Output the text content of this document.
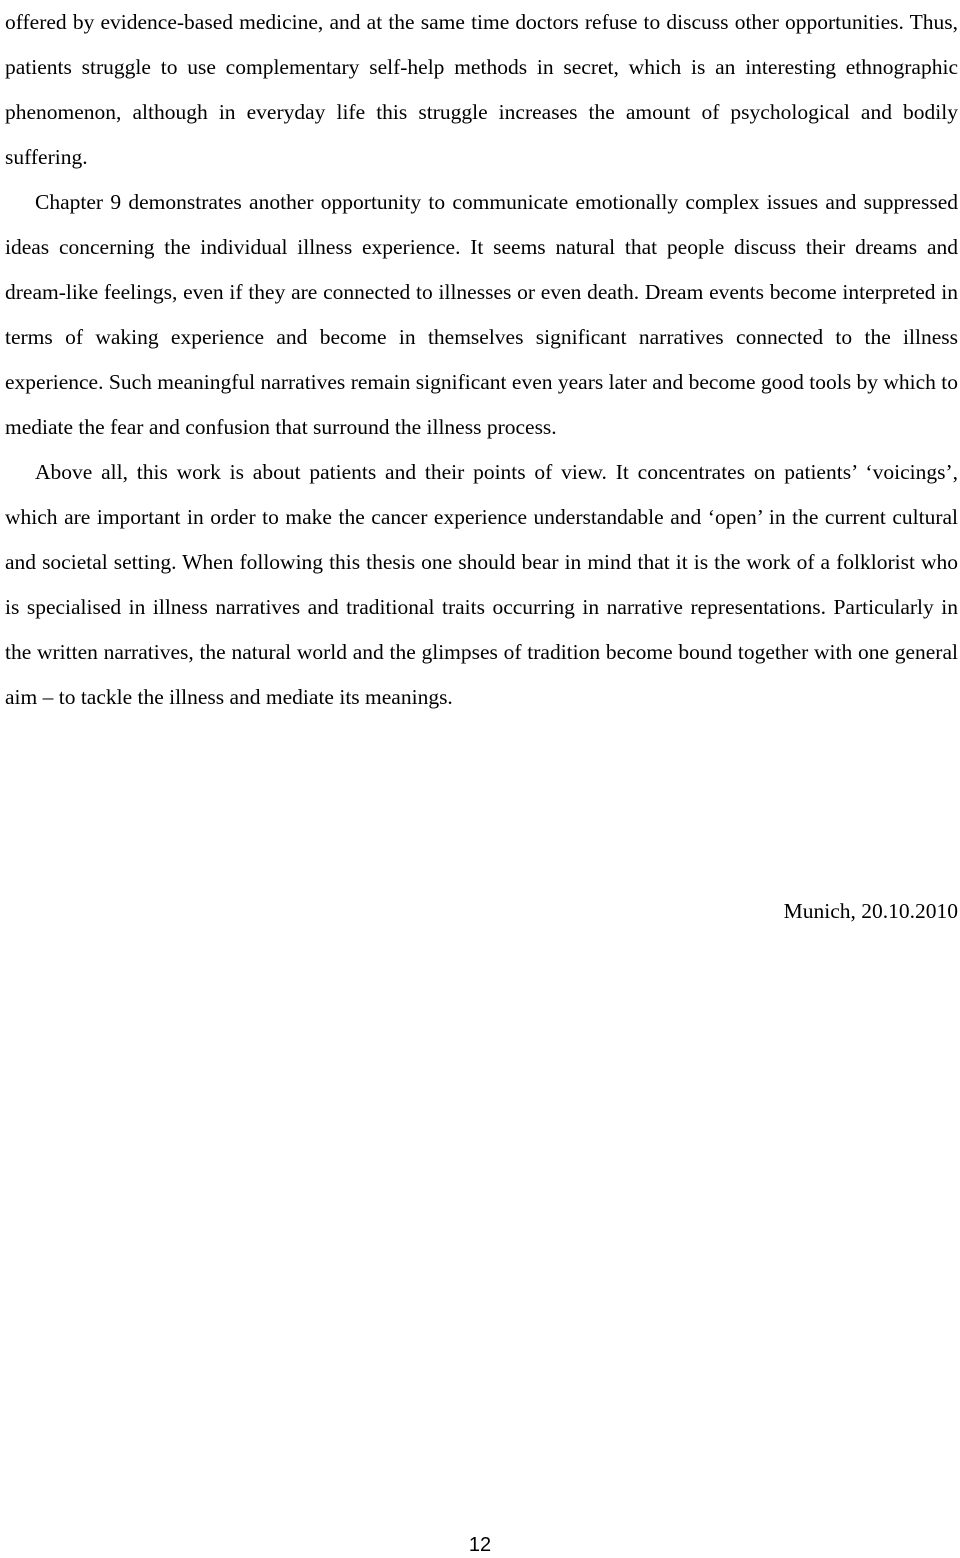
offered by evidence-based medicine, and at the same time doctors refuse to discuss other opportunities. Thus, patients struggle to use complementary self-help methods in secret, which is an interesting ethnographic phenomenon, although in everyday life this struggle increases the amount of psychological and bodily suffering.

Chapter 9 demonstrates another opportunity to communicate emotionally complex issues and suppressed ideas concerning the individual illness experience. It seems natural that people discuss their dreams and dream-like feelings, even if they are connected to illnesses or even death. Dream events become interpreted in terms of waking experience and become in themselves significant narratives connected to the illness experience. Such meaningful narratives remain significant even years later and become good tools by which to mediate the fear and confusion that surround the illness process.

Above all, this work is about patients and their points of view. It concentrates on patients’ ‘voicings’, which are important in order to make the cancer experience understandable and ‘open’ in the current cultural and societal setting. When following this thesis one should bear in mind that it is the work of a folklorist who is specialised in illness narratives and traditional traits occurring in narrative representations. Particularly in the written narratives, the natural world and the glimpses of tradition become bound together with one general aim – to tackle the illness and mediate its meanings.

Munich, 20.10.2010
12
